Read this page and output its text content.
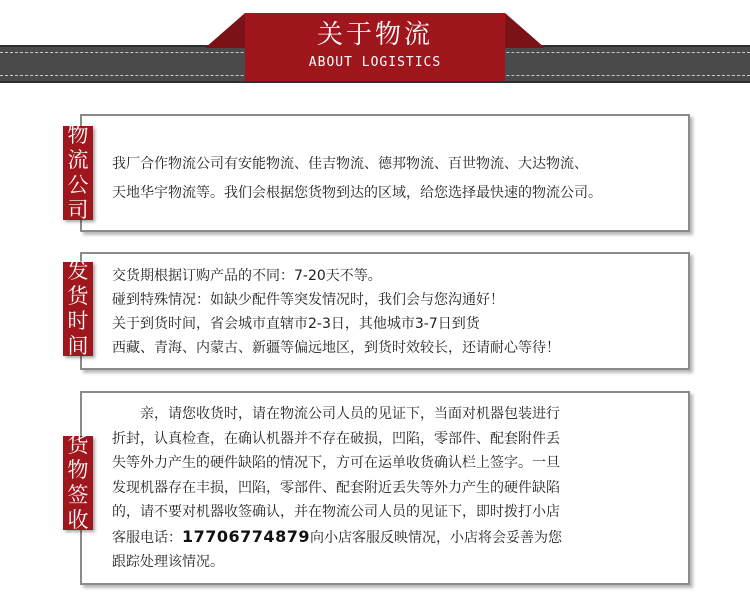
关于物流
ABOUT LOGISTICS
我厂合作物流公司有安能物流、佳吉物流、德邦物流、百世物流、大达物流、
天地华宇物流等。我们会根据您货物到达的区域，给您选择最快速的物流公司。
物
流
公
司
交货期根据订购产品的不同：7-20天不等。
碰到特殊情况：如缺少配件等突发情况时，我们会与您沟通好！
关于到货时间，省会城市直辖市2-3日，其他城市3-7日到货
西藏、青海、内蒙古、新疆等偏远地区，到货时效较长，还请耐心等待！
发
货
时
间
亲，请您收货时，请在物流公司人员的见证下，当面对机器包装进行
折封，认真检查，在确认机器并不存在破损，凹陷，零部件、配套附件丢
失等外力产生的硬件缺陷的情况下，方可在运单收货确认栏上签字。一旦
发现机器存在丰损，凹陷，零部件、配套附近丢失等外力产生的硬件缺陷
的，请不要对机器收签确认，并在物流公司人员的见证下，即时拨打小店
客服电话：17706774879向小店客服反映情况，小店将会妥善为您
跟踪处理该情况。
货
物
签
收
